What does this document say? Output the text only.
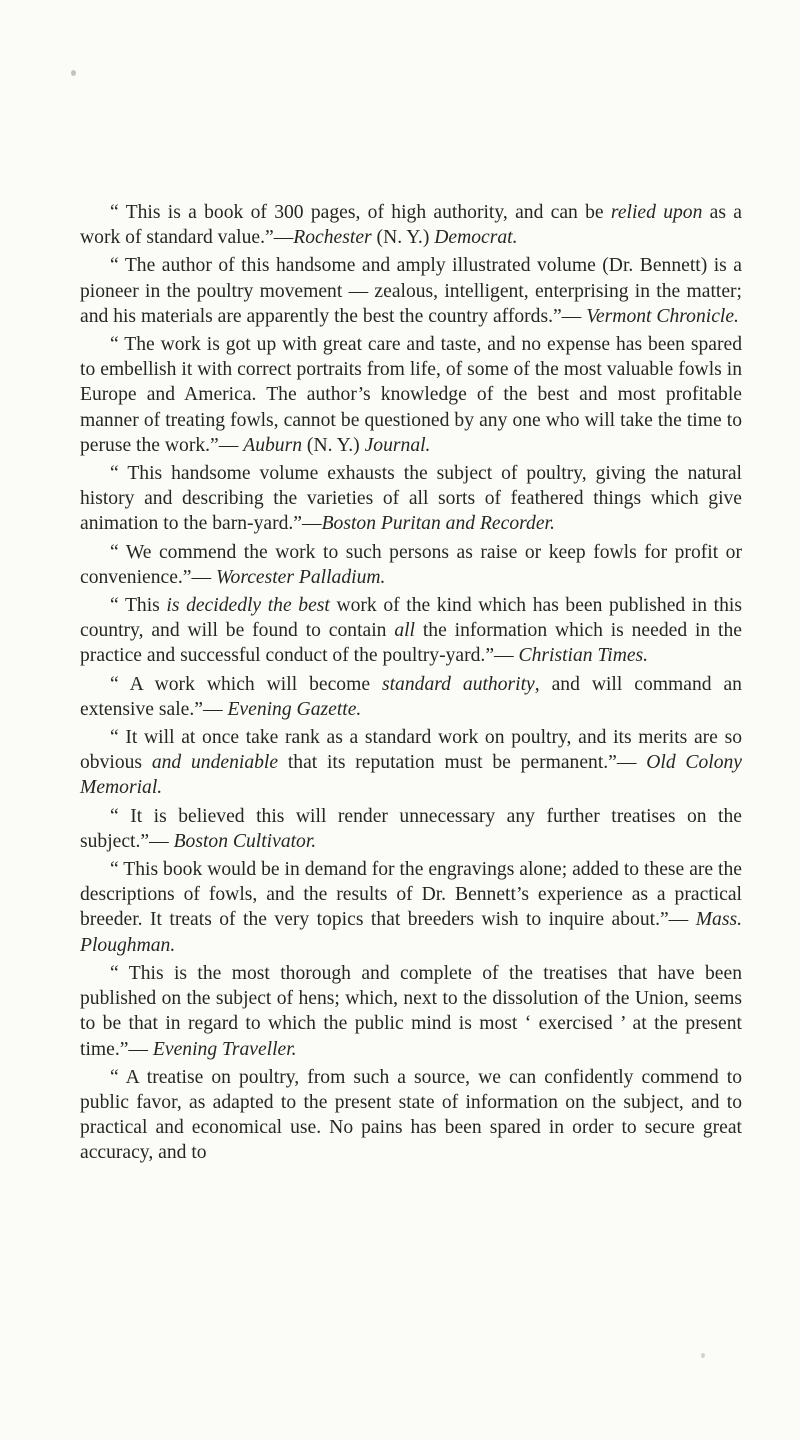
“ This is a book of 300 pages, of high authority, and can be relied upon as a work of standard value.”—Rochester (N. Y.) Democrat.

“ The author of this handsome and amply illustrated volume (Dr. Bennett) is a pioneer in the poultry movement — zealous, intelligent, enterprising in the matter; and his materials are apparently the best the country affords.”— Vermont Chronicle.

“ The work is got up with great care and taste, and no expense has been spared to embellish it with correct portraits from life, of some of the most valuable fowls in Europe and America. The author’s knowledge of the best and most profitable manner of treating fowls, cannot be questioned by any one who will take the time to peruse the work.”— Auburn (N. Y.) Journal.

“ This handsome volume exhausts the subject of poultry, giving the natural history and describing the varieties of all sorts of feathered things which give animation to the barn-yard.”—Boston Puritan and Recorder.

“ We commend the work to such persons as raise or keep fowls for profit or convenience.”— Worcester Palladium.

“ This is decidedly the best work of the kind which has been published in this country, and will be found to contain all the information which is needed in the practice and successful conduct of the poultry-yard.”— Christian Times.

“ A work which will become standard authority, and will command an extensive sale.”— Evening Gazette.

“ It will at once take rank as a standard work on poultry, and its merits are so obvious and undeniable that its reputation must be permanent.”— Old Colony Memorial.

“ It is believed this will render unnecessary any further treatises on the subject.”— Boston Cultivator.

“ This book would be in demand for the engravings alone; added to these are the descriptions of fowls, and the results of Dr. Bennett’s experience as a practical breeder. It treats of the very topics that breeders wish to inquire about.”— Mass. Ploughman.

“ This is the most thorough and complete of the treatises that have been published on the subject of hens; which, next to the dissolution of the Union, seems to be that in regard to which the public mind is most ‘ exercised ’ at the present time.”— Evening Traveller.

“ A treatise on poultry, from such a source, we can confidently commend to public favor, as adapted to the present state of information on the subject, and to practical and economical use. No pains has been spared in order to secure great accuracy, and to
